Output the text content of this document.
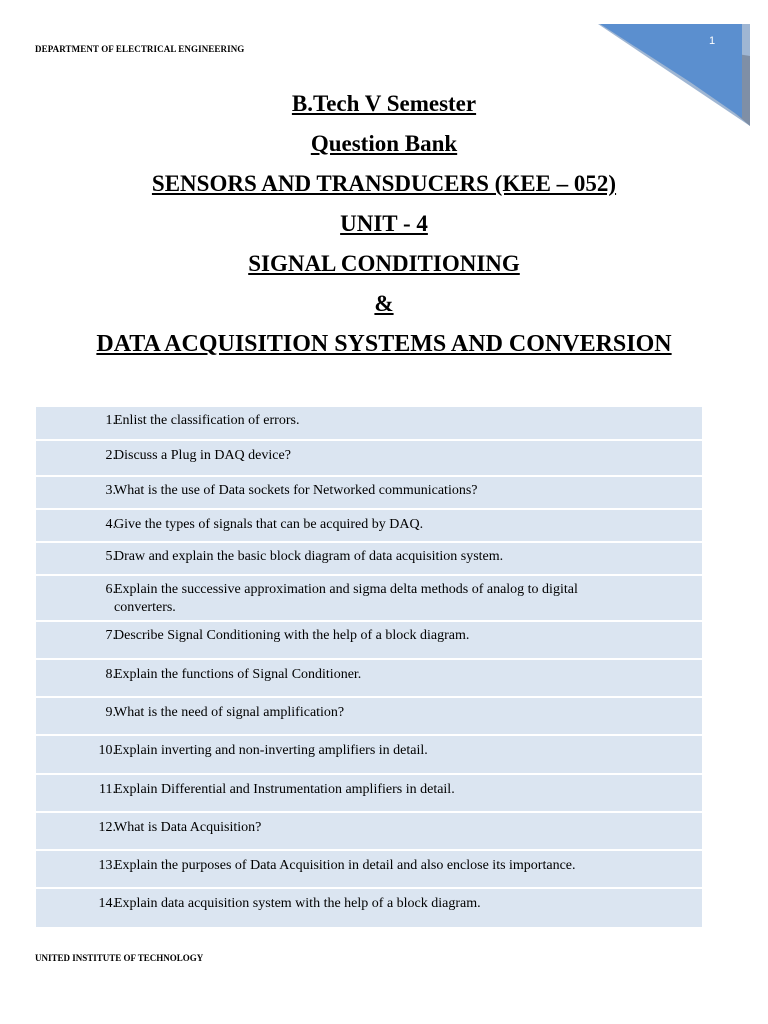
DEPARTMENT OF ELECTRICAL ENGINEERING
1
B.Tech V Semester
Question Bank
SENSORS AND TRANSDUCERS (KEE – 052)
UNIT - 4
SIGNAL CONDITIONING
&
DATA ACQUISITION SYSTEMS AND CONVERSION
1.
Enlist the classification of errors.
2.
Discuss a Plug in DAQ device?
3.
What is the use of Data sockets for Networked communications?
4.
Give the types of signals that can be acquired by DAQ.
5.
Draw and explain the basic block diagram of data acquisition system.
6.
Explain the successive approximation and sigma delta methods of analog to digital converters.
7.
Describe Signal Conditioning with the help of a block diagram.
8.
Explain the functions of Signal Conditioner.
9.
What is the need of signal amplification?
10.
Explain inverting and non-inverting amplifiers in detail.
11.
Explain Differential and Instrumentation amplifiers in detail.
12.
What is Data Acquisition?
13.
Explain the purposes of Data Acquisition in detail and also enclose its importance.
14.
Explain data acquisition system with the help of a block diagram.
UNITED INSTITUTE OF TECHNOLOGY
